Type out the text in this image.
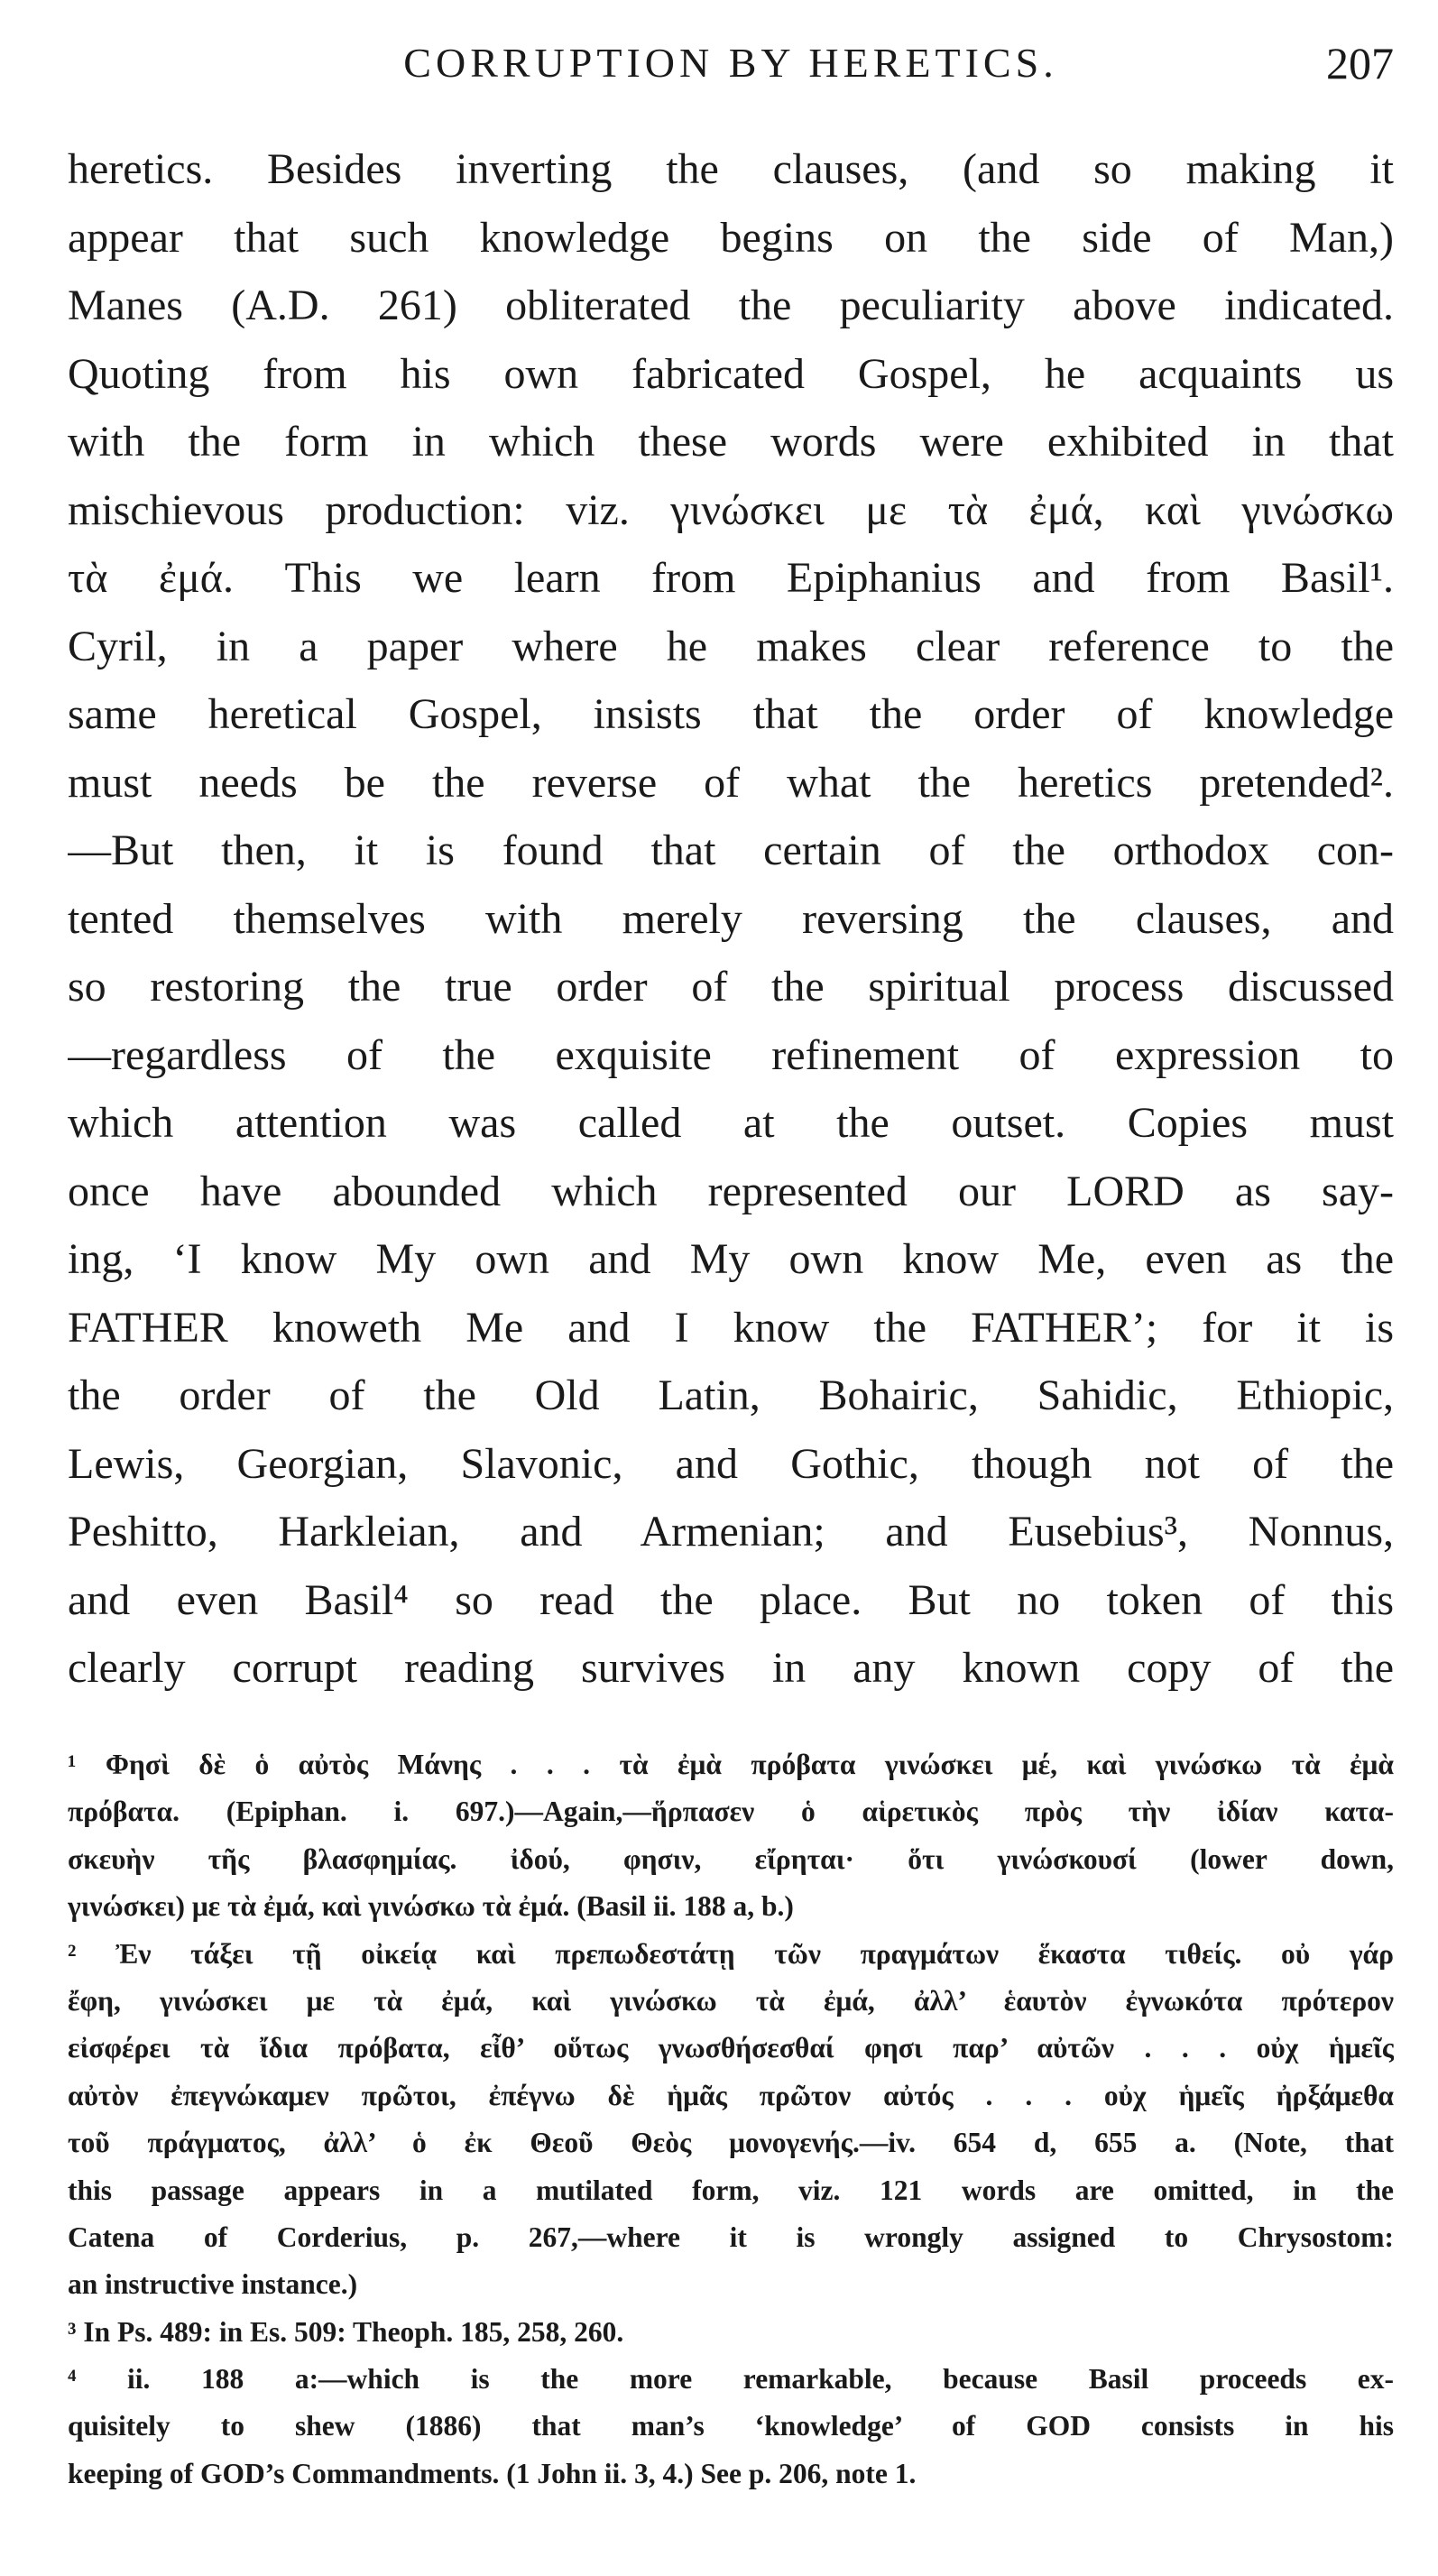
CORRUPTION BY HERETICS.	207
heretics. Besides inverting the clauses, (and so making it
appear that such knowledge begins on the side of Man,)
Manes (A.D. 261) obliterated the peculiarity above indicated.
Quoting from his own fabricated Gospel, he acquaints us
with the form in which these words were exhibited in that
mischievous production: viz. γινώσκει με τὰ ἐμά, καὶ γινώσκω
τὰ ἐμά. This we learn from Epiphanius and from Basil¹.
Cyril, in a paper where he makes clear reference to the
same heretical Gospel, insists that the order of knowledge
must needs be the reverse of what the heretics pretended².
—But then, it is found that certain of the orthodox con-
tented themselves with merely reversing the clauses, and
so restoring the true order of the spiritual process discussed
—regardless of the exquisite refinement of expression to
which attention was called at the outset. Copies must
once have abounded which represented our LORD as say-
ing, ‘I know My own and My own know Me, even as the
FATHER knoweth Me and I know the FATHER’; for it is
the order of the Old Latin, Bohairic, Sahidic, Ethiopic,
Lewis, Georgian, Slavonic, and Gothic, though not of the
Peshitto, Harkleian, and Armenian; and Eusebius³, Nonnus,
and even Basil⁴ so read the place. But no token of this
clearly corrupt reading survives in any known copy of the
¹ Φησὶ δὲ ὁ αὐτὸς Μάνης . . . τὰ ἐμὰ πρόβατα γινώσκει μέ, καὶ γινώσκω τὰ ἐμὰ
πρόβατα. (Epiphan. i. 697.)—Again,—ἥρπασεν ὁ αἱρετικὸς πρὸς τὴν ἰδίαν κατα-
σκευὴν τῆς βλασφημίας. ἰδού, φησιν, εἴρηται· ὅτι γινώσκουσί (lower down,
γινώσκει) με τὰ ἐμά, καὶ γινώσκω τὰ ἐμά. (Basil ii. 188 a, b.)
² Ἐν τάξει τῇ οἰκείᾳ καὶ πρεπωδεστάτῃ τῶν πραγμάτων ἕκαστα τιθείς. οὐ γάρ
ἔφη, γινώσκει με τὰ ἐμά, καὶ γινώσκω τὰ ἐμά, ἀλλ’ ἑαυτὸν ἐγνωκότα πρότερον
εἰσφέρει τὰ ἴδια πρόβατα, εἶθ’ οὕτως γνωσθήσεσθαί φησι παρ’ αὐτῶν . . . οὐχ ἡμεῖς
αὐτὸν ἐπεγνώκαμεν πρῶτοι, ἐπέγνω δὲ ἡμᾶς πρῶτον αὐτός . . . οὐχ ἡμεῖς ἠρξάμεθα
τοῦ πράγματος, ἀλλ’ ὁ ἐκ Θεοῦ Θεὸς μονογενής.—iv. 654 d, 655 a. (Note, that
this passage appears in a mutilated form, viz. 121 words are omitted, in the
Catena of Corderius, p. 267,—where it is wrongly assigned to Chrysostom:
an instructive instance.)
³ In Ps. 489: in Es. 509: Theoph. 185, 258, 260.
⁴ ii. 188 a:—which is the more remarkable, because Basil proceeds ex-
quisitely to shew (1886) that man’s ‘knowledge’ of GOD consists in his
keeping of GOD’s Commandments. (1 John ii. 3, 4.) See p. 206, note 1.
